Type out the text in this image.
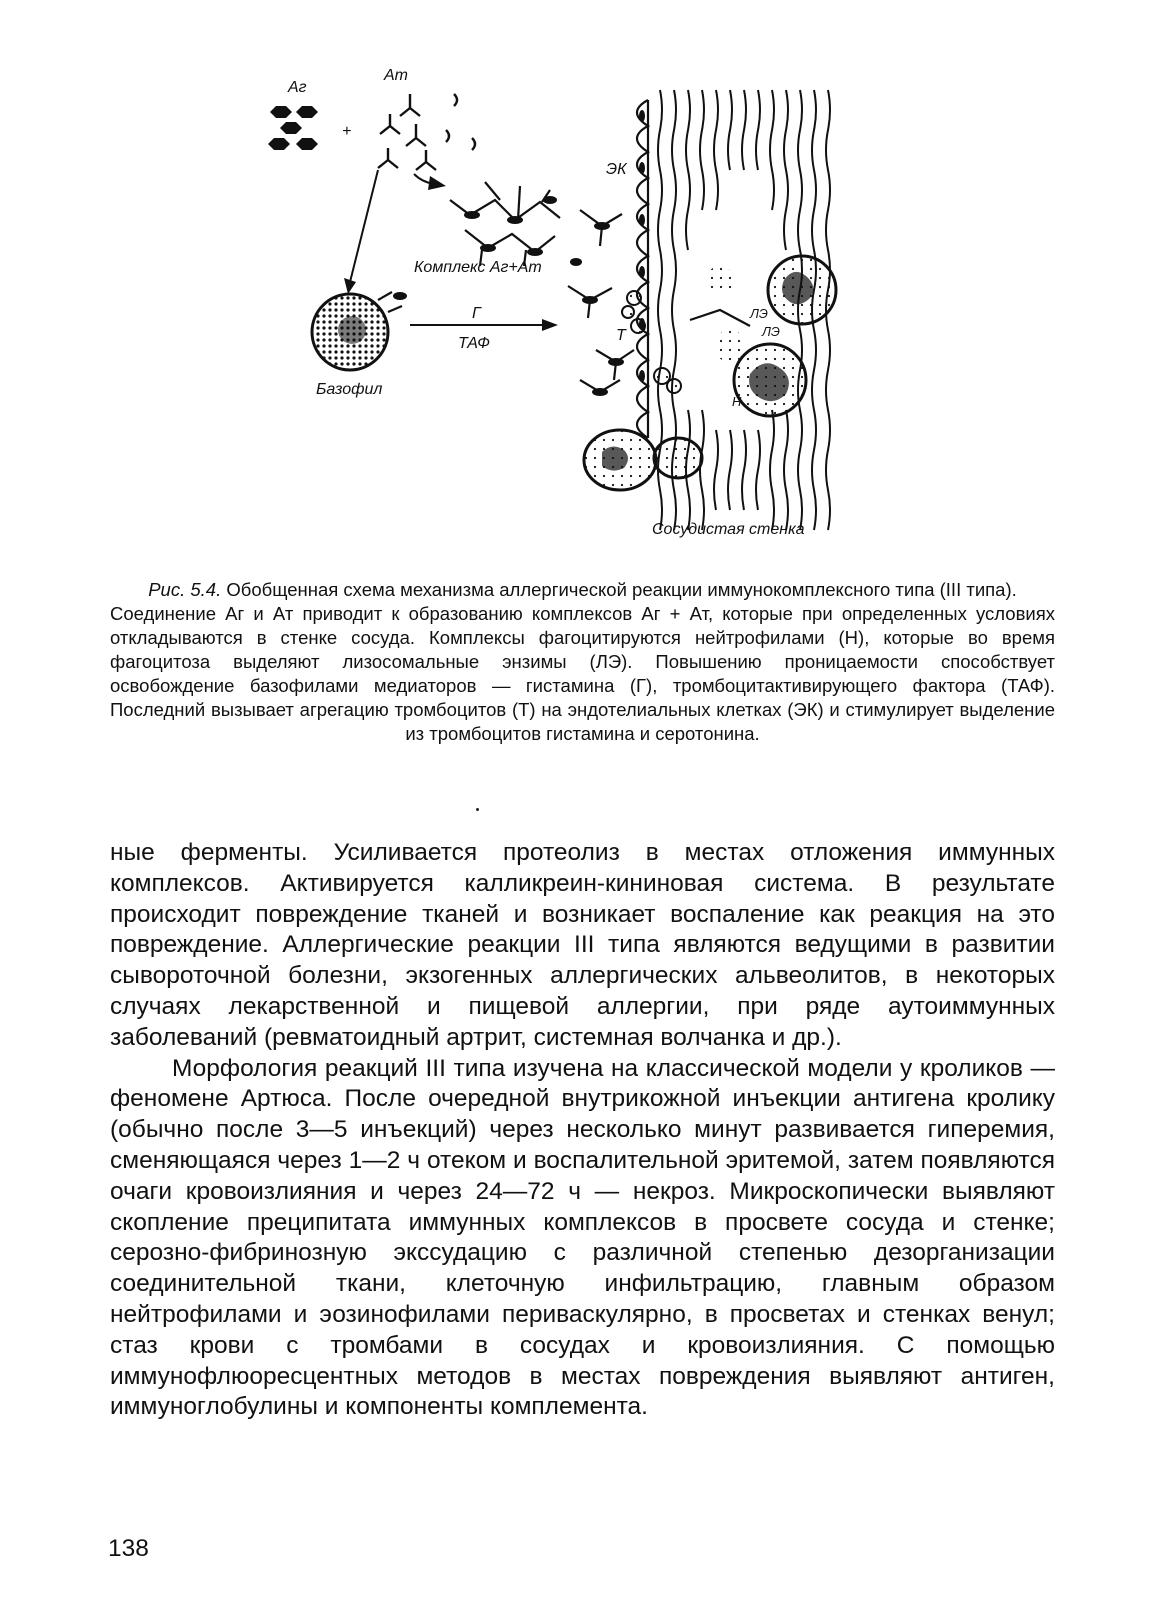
Аг
+
Ат
Комплекс Аг+Ат
Базофил
Г
ТАФ
ЭК
Т
ЛЭ
ЛЭ
Н
Сосудистая стенка

Рис. 5.4. Обобщенная схема механизма аллергической реакции иммунокомплексного типа (III типа).

Соединение Аг и Ат приводит к образованию комплексов Аг + Ат, которые при определенных условиях откладываются в стенке сосуда. Комплексы фагоцитируются нейтрофилами (Н), которые во время фагоцитоза выделяют лизосомальные энзимы (ЛЭ). Повышению проницаемости способствует освобождение базофилами медиаторов — гистамина (Г), тромбоцитактивирующего фактора (ТАФ). Последний вызывает агрегацию тромбоцитов (Т) на эндотелиальных клетках (ЭК) и стимулирует выделение из тромбоцитов гистамина и серотонина.

ные ферменты. Усиливается протеолиз в местах отложения иммунных комплексов. Активируется калликреин-кининовая система. В результате происходит повреждение тканей и возникает воспаление как реакция на это повреждение. Аллергические реакции III типа являются ведущими в развитии сывороточной болезни, экзогенных аллергических альвеолитов, в некоторых случаях лекарственной и пищевой аллергии, при ряде аутоиммунных заболеваний (ревматоидный артрит, системная волчанка и др.).

Морфология реакций III типа изучена на классической модели у кроликов — феномене Артюса. После очередной внутрикожной инъекции антигена кролику (обычно после 3—5 инъекций) через несколько минут развивается гиперемия, сменяющаяся через 1—2 ч отеком и воспалительной эритемой, затем появляются очаги кровоизлияния и через 24—72 ч — некроз. Микроскопически выявляют скопление преципитата иммунных комплексов в просвете сосуда и стенке; серозно-фибринозную экссудацию с различной степенью дезорганизации соединительной ткани, клеточную инфильтрацию, главным образом нейтрофилами и эозинофилами периваскулярно, в просветах и стенках венул; стаз крови с тромбами в сосудах и кровоизлияния. С помощью иммунофлюоресцентных методов в местах повреждения выявляют антиген, иммуноглобулины и компоненты комплемента.

138
